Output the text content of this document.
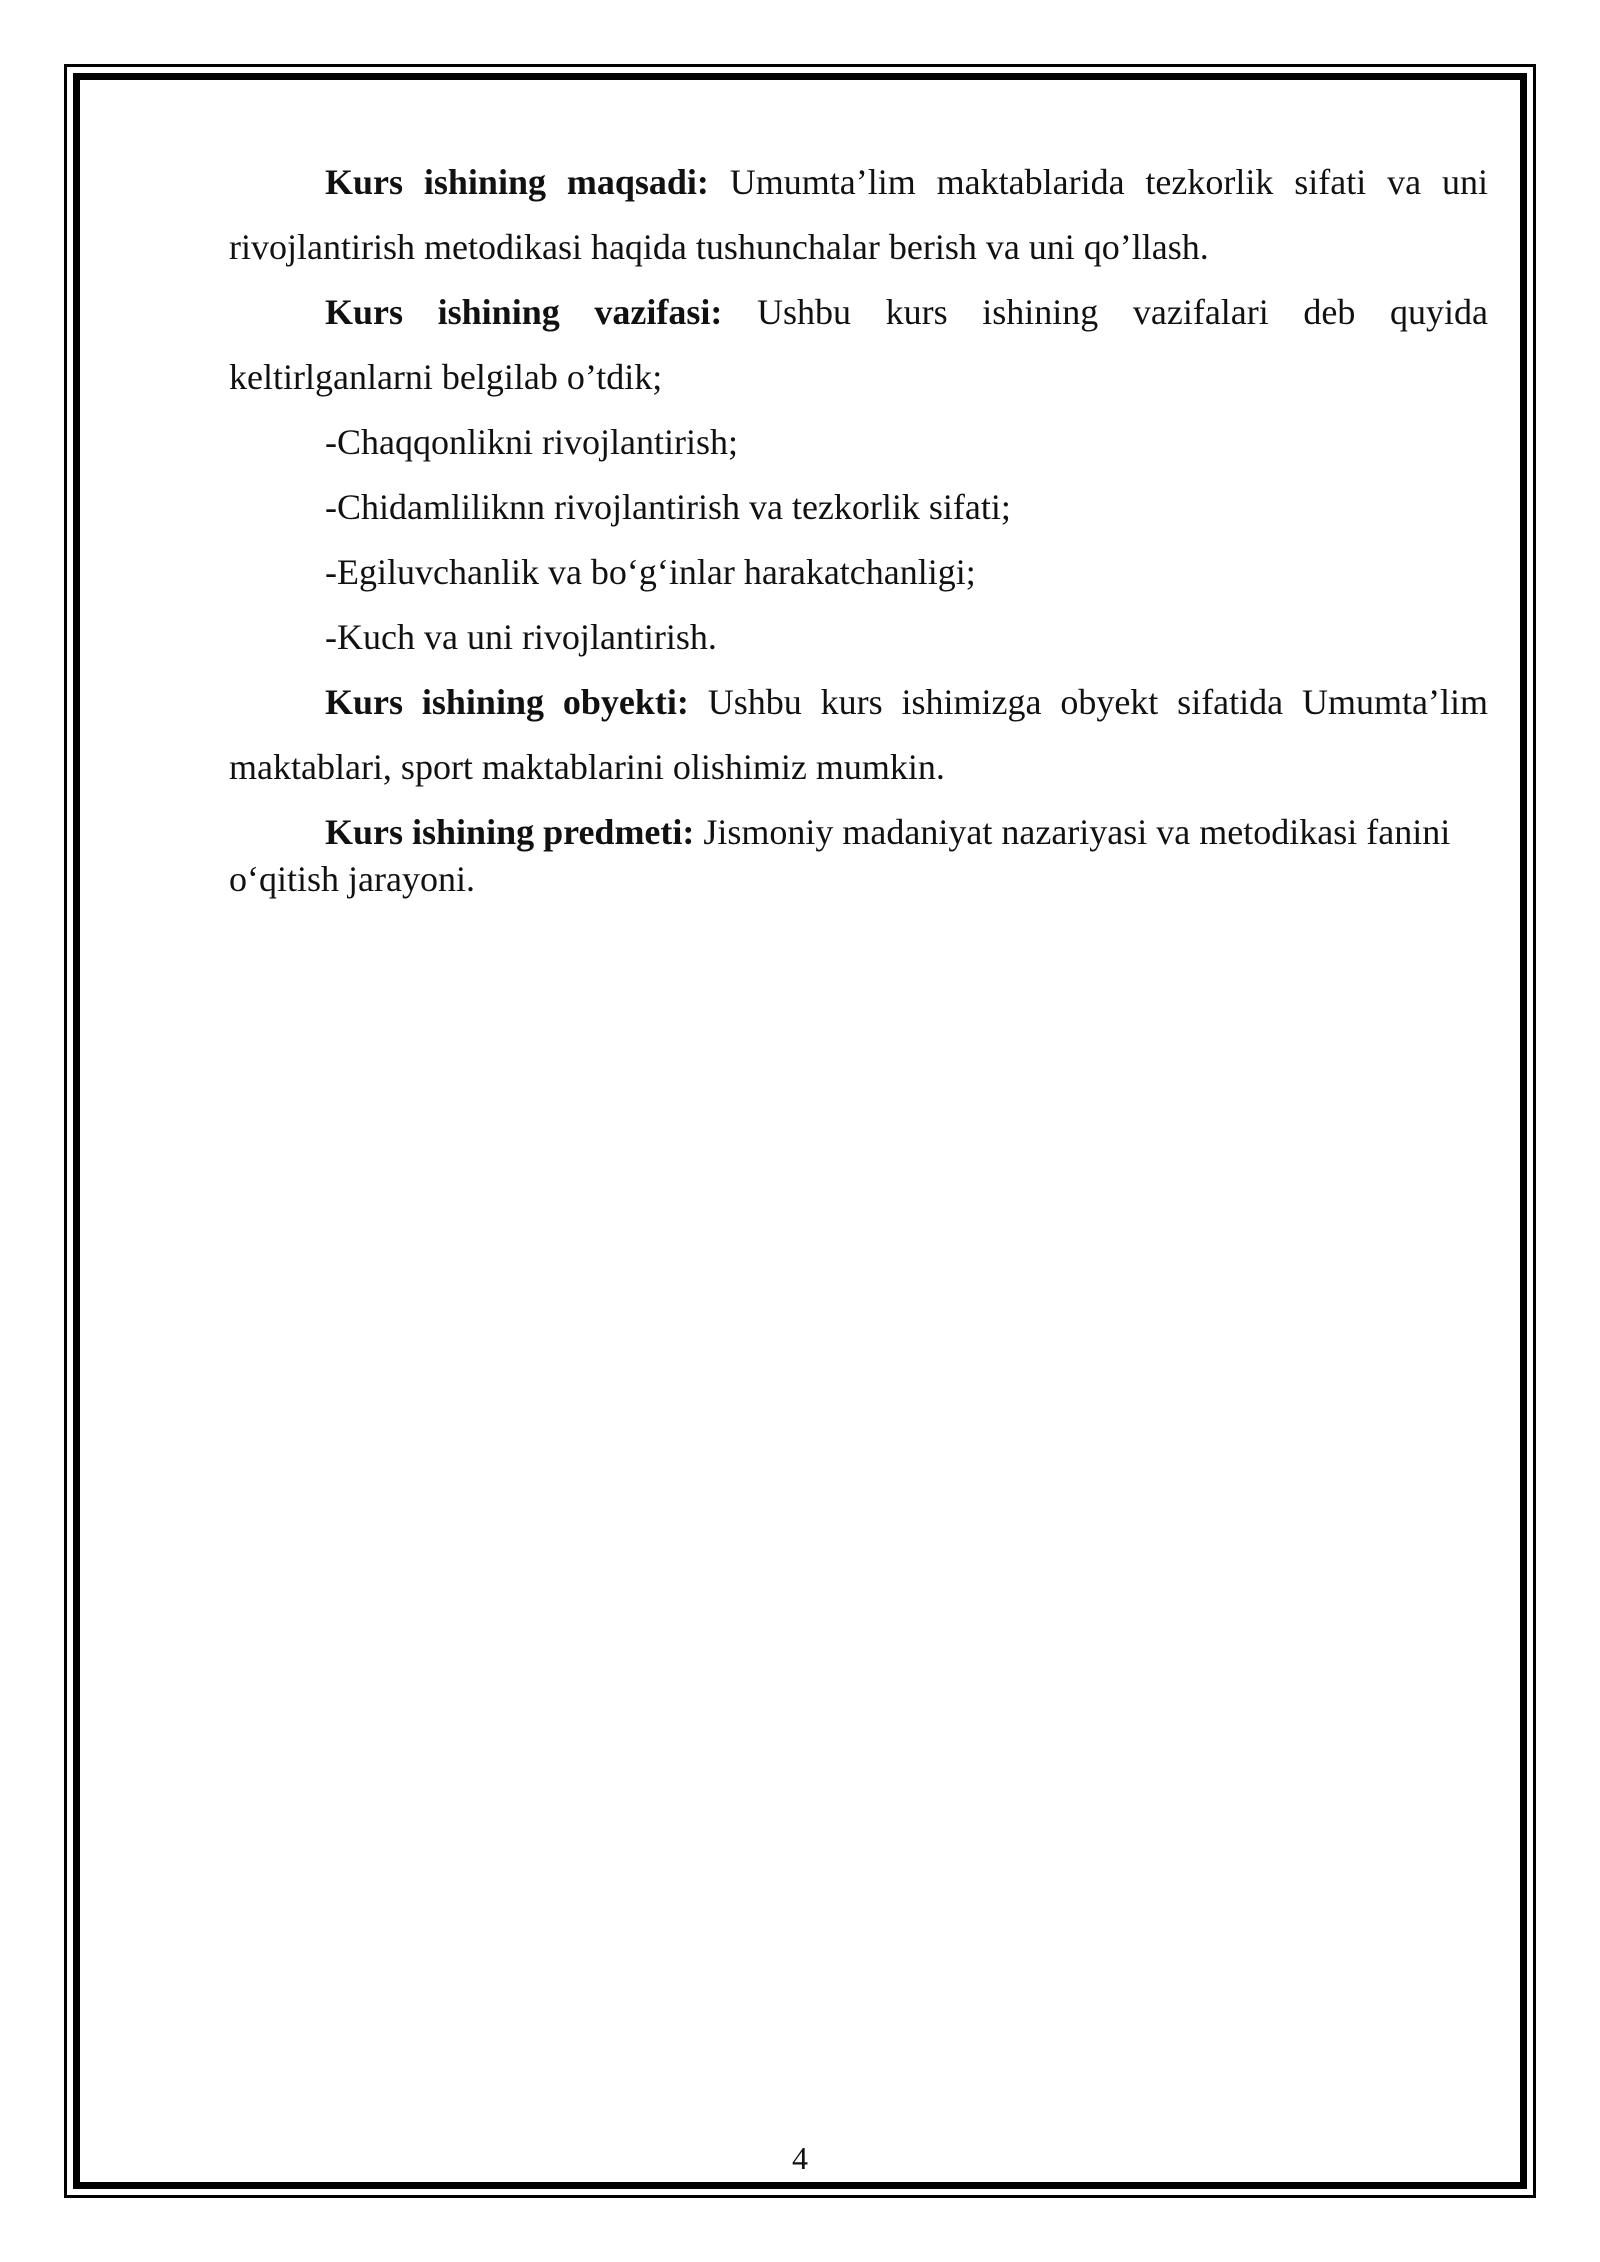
Kurs ishining maqsadi: Umumta’lim maktablarida tezkorlik sifati va uni rivojlantirish metodikasi haqida tushunchalar berish va uni qo’llash.

Kurs ishining vazifasi: Ushbu kurs ishining vazifalari deb quyida keltirlganlarni belgilab o’tdik;

-Chaqqonlikni rivojlantirish;

-Chidamliliknn rivojlantirish va tezkorlik sifati;

-Egiluvchanlik va bo‘g‘inlar harakatchanligi;

-Kuch va uni rivojlantirish.

Kurs ishining obyekti: Ushbu kurs ishimizga obyekt sifatida Umumta’lim maktablari, sport maktablarini olishimiz mumkin.

Kurs ishining predmeti: Jismoniy madaniyat nazariyasi va metodikasi fanini o‘qitish jarayoni.

4
